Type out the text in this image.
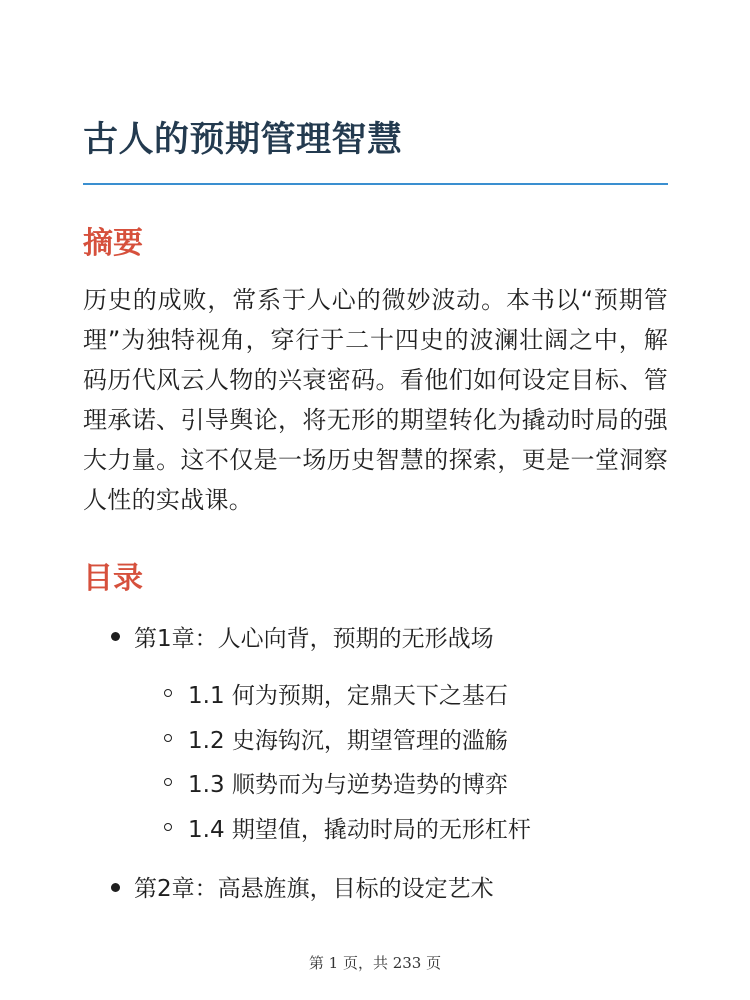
古人的预期管理智慧
摘要

历史的成败，常系于人心的微妙波动。本书以“预期管理”为独特视角，穿行于二十四史的波澜壮阔之中，解码历代风云人物的兴衰密码。看他们如何设定目标、管理承诺、引导舆论，将无形的期望转化为撬动时局的强大力量。这不仅是一场历史智慧的探索，更是一堂洞察人性的实战课。

目录
第1章：人心向背，预期的无形战场
1.1 何为预期，定鼎天下之基石
1.2 史海钩沉，期望管理的滥觞
1.3 顺势而为与逆势造势的博弈
1.4 期望值，撬动时局的无形杠杆
第2章：高悬旌旗，目标的设定艺术
第 1 页，共 233 页
